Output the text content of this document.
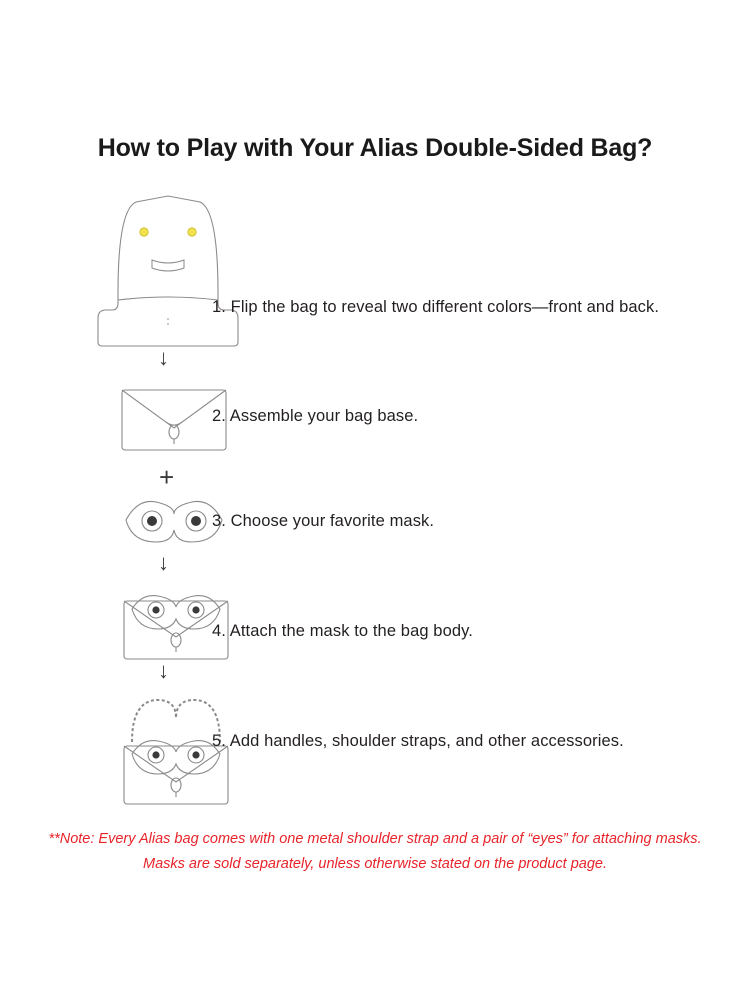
How to Play with Your Alias Double-Sided Bag?
↓
+
↓
↓
1. Flip the bag to reveal two different colors—front and back.
2. Assemble your bag base.
3. Choose your favorite mask.
4. Attach the mask to the bag body.
5. Add handles, shoulder straps, and other accessories.
**Note: Every Alias bag comes with one metal shoulder strap and a pair of “eyes” for attaching masks.
Masks are sold separately, unless otherwise stated on the product page.
